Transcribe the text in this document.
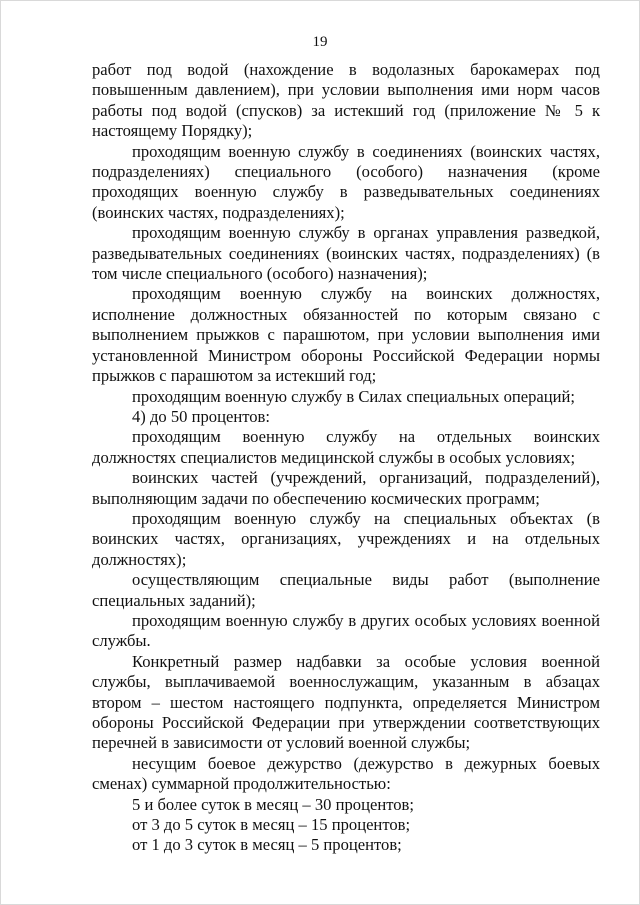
19

работ под водой (нахождение в водолазных барокамерах под повышенным давлением), при условии выполнения ими норм часов работы под водой (спусков) за истекший год (приложение № 5 к настоящему Порядку);

проходящим военную службу в соединениях (воинских частях, подразделениях) специального (особого) назначения (кроме проходящих военную службу в разведывательных соединениях (воинских частях, подразделениях);

проходящим военную службу в органах управления разведкой, разведывательных соединениях (воинских частях, подразделениях) (в том числе специального (особого) назначения);

проходящим военную службу на воинских должностях, исполнение должностных обязанностей по которым связано с выполнением прыжков с парашютом, при условии выполнения ими установленной Министром обороны Российской Федерации нормы прыжков с парашютом за истекший год;

проходящим военную службу в Силах специальных операций;

4) до 50 процентов:

проходящим военную службу на отдельных воинских должностях специалистов медицинской службы в особых условиях;

воинских частей (учреждений, организаций, подразделений), выполняющим задачи по обеспечению космических программ;

проходящим военную службу на специальных объектах (в воинских частях, организациях, учреждениях и на отдельных должностях);

осуществляющим специальные виды работ (выполнение специальных заданий);

проходящим военную службу в других особых условиях военной службы.

Конкретный размер надбавки за особые условия военной службы, выплачиваемой военнослужащим, указанным в абзацах втором – шестом настоящего подпункта, определяется Министром обороны Российской Федерации при утверждении соответствующих перечней в зависимости от условий военной службы;

несущим боевое дежурство (дежурство в дежурных боевых сменах) суммарной продолжительностью:

5 и более суток в месяц – 30 процентов;

от 3 до 5 суток в месяц – 15 процентов;

от 1 до 3 суток в месяц – 5 процентов;
